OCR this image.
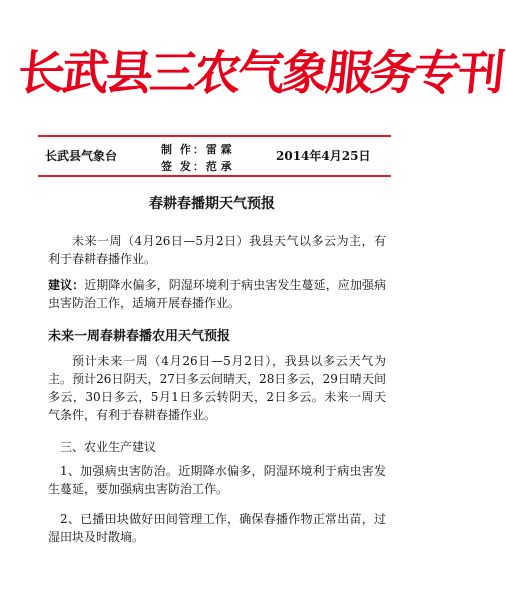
长武县三农气象服务专刊
长武县气象台	制 作：雷 霖
签 发：范 承
2014年4月25日
春耕春播期天气预报
未来一周（4月26日—5月2日）我县天气以多云为主，有利于春耕春播作业。
建议：近期降水偏多，阴湿环境利于病虫害发生蔓延，应加强病虫害防治工作，适墒开展春播作业。
未来一周春耕春播农用天气预报
预计未来一周（4月26日—5月2日），我县以多云天气为主。预计26日阴天，27日多云间晴天，28日多云，29日晴天间多云，30日多云，5月1日多云转阴天，2日多云。未来一周天气条件，有利于春耕春播作业。
三、农业生产建议
1、加强病虫害防治。近期降水偏多，阴湿环境利于病虫害发生蔓延，要加强病虫害防治工作。
2、已播田块做好田间管理工作，确保春播作物正常出苗，过湿田块及时散墒。
